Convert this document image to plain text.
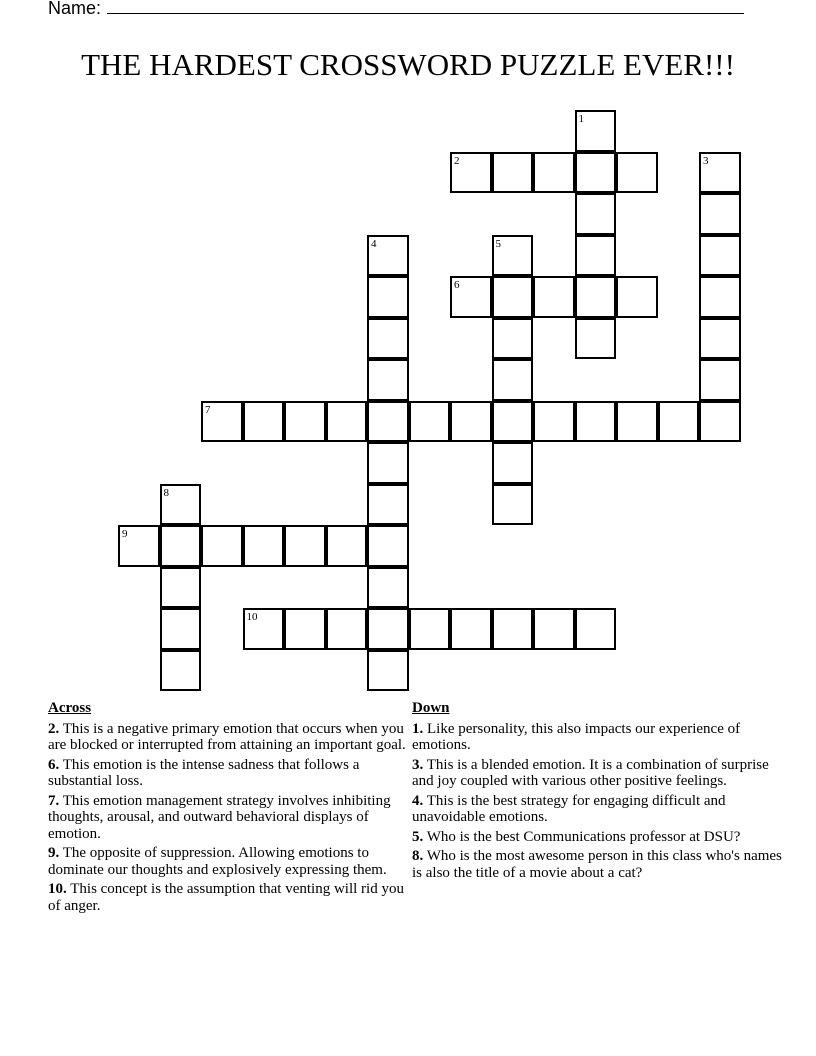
Name:
THE HARDEST CROSSWORD PUZZLE EVER!!!
1
2	3
4	5
6
7
8
9
10
Across
2. This is a negative primary emotion that occurs when you are blocked or interrupted from attaining an important goal.
6. This emotion is the intense sadness that follows a substantial loss.
7. This emotion management strategy involves inhibiting thoughts, arousal, and outward behavioral displays of emotion.
9. The opposite of suppression. Allowing emotions to dominate our thoughts and explosively expressing them.
10. This concept is the assumption that venting will rid you of anger.
Down
1. Like personality, this also impacts our experience of emotions.
3. This is a blended emotion. It is a combination of surprise and joy coupled with various other positive feelings.
4. This is the best strategy for engaging difficult and unavoidable emotions.
5. Who is the best Communications professor at DSU?
8. Who is the most awesome person in this class who's names is also the title of a movie about a cat?
